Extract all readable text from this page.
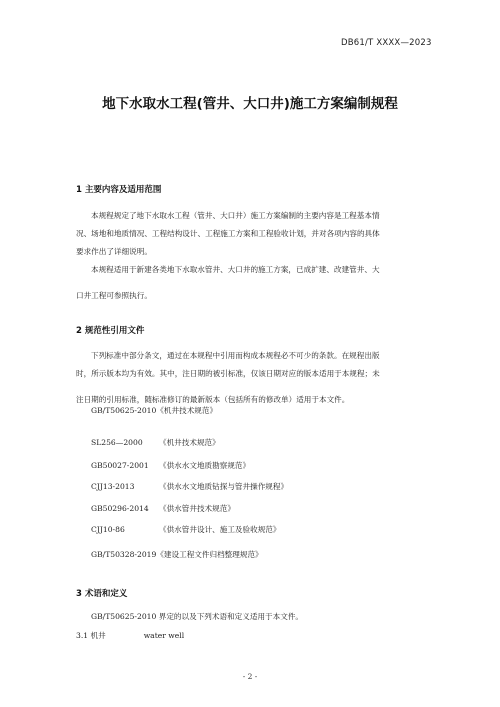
DB61/T XXXX—2023
地下水取水工程(管井、大口井)施工方案编制规程
1 主要内容及适用范围
本规程规定了地下水取水工程（管井、大口井）施工方案编制的主要内容是工程基本情
况、场地和地质情况、工程结构设计、工程施工方案和工程验收计划，并对各项内容的具体
要求作出了详细说明。
本规程适用于新建各类地下水取水管井、大口井的施工方案，已成扩建、改建管井、大
口井工程可参照执行。
2 规范性引用文件
下列标准中部分条文，通过在本规程中引用而构成本规程必不可少的条款。在规程出版
时，所示版本均为有效。其中，注日期的被引标准，仅该日期对应的版本适用于本规程；未
注日期的引用标准，随标准修订的最新版本（包括所有的修改单）适用于本文件。
GB/T50625-2010《机井技术规范》
SL256—2000 《机井技术规范》
GB50027-2001 《供水水文地质勘察规范》
CJJ13-2013	《供水水文地质钻探与管井操作规程》
GB50296-2014 《供水管井技术规范》
CJJ10-86	《供水管井设计、施工及验收规范》
GB/T50328-2019《建设工程文件归档整理规范》
3 术语和定义
GB/T50625-2010 界定的以及下列术语和定义适用于本文件。
3.1 机井	water well
- 2 -
